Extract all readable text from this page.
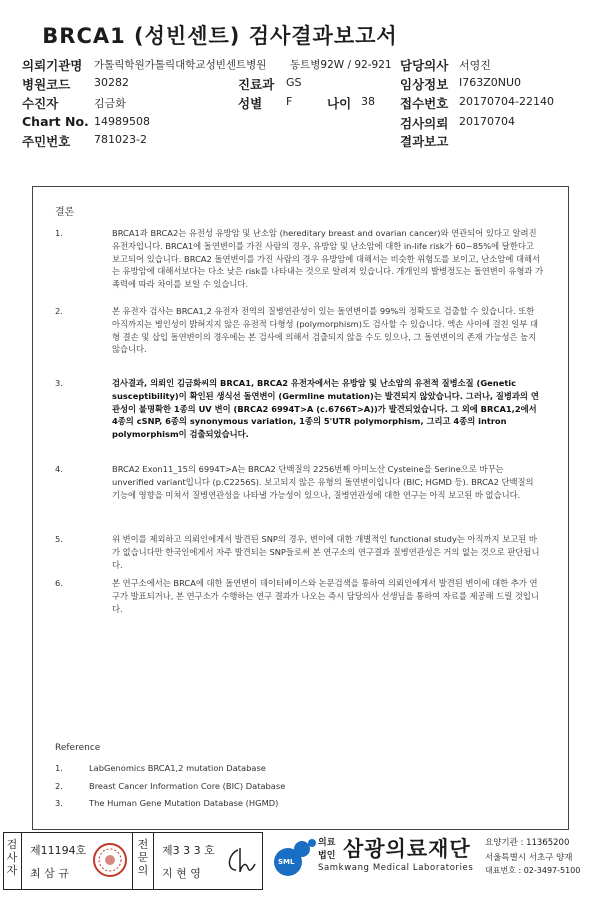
BRCA1 (성빈센트) 검사결과보고서
의뢰기관명 가톨릭학원가톨릭대학교성빈센트병원 동트병92W / 92-921 담당의사 서영진
병원코드 30282	진료과 GS	임상정보 I763Z0NU0
수진자	김금화	성별 F	나이 38 접수번호 20170704-22140
Chart No. 14989508	검사의뢰 20170704
주민번호 781023-2	결과보고
결론
1.	BRCA1과 BRCA2는 유전성 유방암 및 난소암 (hereditary breast and ovarian cancer)와 연관되어 있다고 알려진 유전자입니다. BRCA1에 돌연변이를 가진 사람의 경우, 유방암 및 난소암에 대한 in-life risk가 60~85%에 달한다고 보고되어 있습니다. BRCA2 돌연변이를 가진 사람의 경우 유방암에 대해서는 비슷한 위험도를 보이고, 난소암에 대해서는 유방암에 대해서보다는 다소 낮은 risk를 나타내는 것으로 알려져 있습니다. 개개인의 발병정도는 돌연변이 유형과 가족력에 따라 차이를 보일 수 있습니다.
2.	본 유전자 검사는 BRCA1,2 유전자 전역의 질병연관성이 있는 돌연변이를 99%의 정확도로 검출할 수 있습니다. 또한 아직까지는 병인성이 밝혀지지 않은 유전적 다형성 (polymorphism)도 검사할 수 있습니다. 엑손 사이에 걸친 일부 대형 결손 및 삽입 돌연변이의 경우에는 본 검사에 의해서 검출되지 않을 수도 있으나, 그 돌연변이의 존재 가능성은 높지 않습니다.
3.	검사결과, 의뢰인 김금화씨의 BRCA1, BRCA2 유전자에서는 유방암 및 난소암의 유전적 질병소질 (Genetic susceptibility)이 확인된 생식선 돌연변이 (Germline mutation)는 발견되지 않았습니다. 그러나, 질병과의 연관성이 불명확한 1종의 UV 변이 (BRCA2 6994T>A (c.6766T>A))가 발견되었습니다. 그 외에 BRCA1,2에서 4종의 cSNP, 6종의 synonymous variation, 1종의 5'UTR polymorphism, 그리고 4종의 intron polymorphism이 검출되었습니다.
4.	BRCA2 Exon11_15의 6994T>A는 BRCA2 단백질의 2256번째 아미노산 Cysteine을 Serine으로 바꾸는 unverified variant입니다 (p.C2256S). 보고되지 않은 유형의 돌연변이입니다 (BIC; HGMD 등). BRCA2 단백질의 기능에 영향을 미쳐서 질병연관성을 나타낼 가능성이 있으나, 질병연관성에 대한 연구는 아직 보고된 바 없습니다.
5.	위 변이를 제외하고 의뢰인에게서 발견된 SNP의 경우, 변이에 대한 개별적인 functional study는 아직까지 보고된 바가 없습니다만 한국인에게서 자주 발견되는 SNP들로써 본 연구소의 연구결과 질병연관성은 거의 없는 것으로 판단됩니다.
6.	본 연구소에서는 BRCA에 대한 돌연변이 데이터베이스와 논문검색을 통하여 의뢰인에게서 발견된 변이에 대한 추가 연구가 발표되거나, 본 연구소가 수행하는 연구 결과가 나오는 즉시 담당의사 선생님을 통하여 자료를 제공해 드릴 것입니다.
Reference
1.	LabGenomics BRCA1,2 mutation Database
2.	Breast Cancer Information Core (BIC) Database
3.	The Human Gene Mutation Database (HGMD)
검사자
제11194호
최 삼 규
전문의
제3 3 3 호
지 현 영
SML
의료
법인 삼광의료재단
Samkwang Medical Laboratories
요양기관 : 11365200
서울특별시 서초구 양재
대표번호 : 02-3497-5100
